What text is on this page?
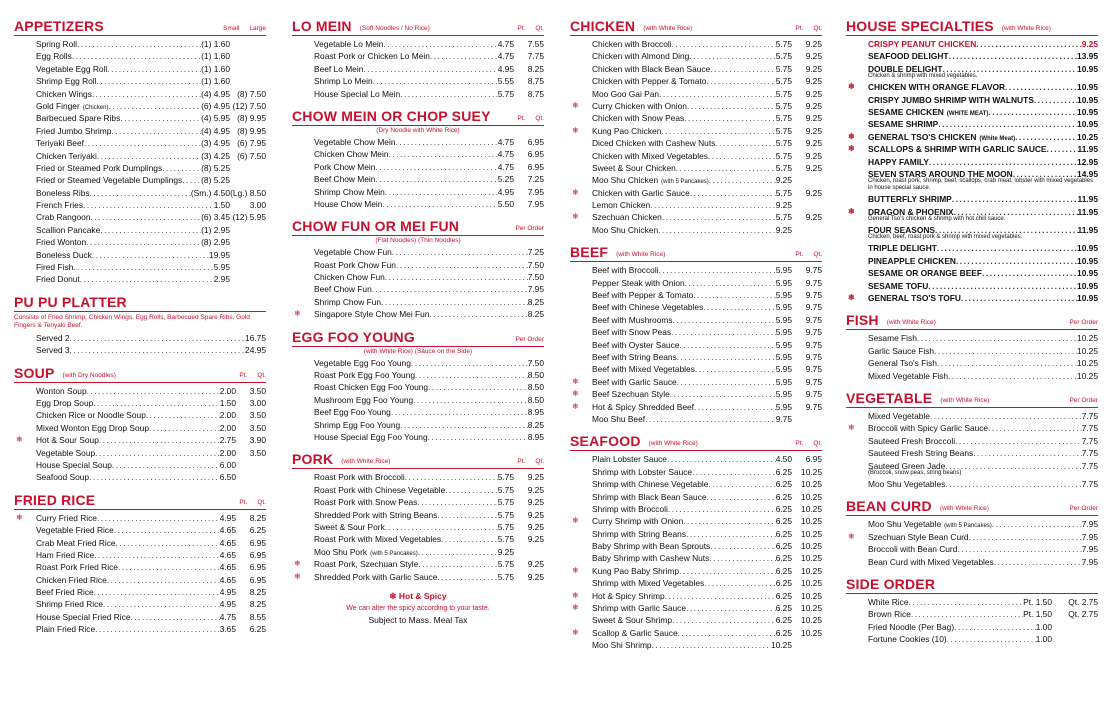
APPETIZERS	Small Large
Spring Roll .....	(1) 1.60
Egg Rolls .....	(1) 1.60
Vegetable Egg Roll .....	(1) 1.60
Shrimp Egg Roll .....	(1) 1.60
Chicken Wings .....	(4) 4.95 (8) 7.50
Gold Finger (Chicken) .....	(6) 4.95 (12) 7.50
Barbecued Spare Ribs .....	(4) 5.95 (8) 9.95
Fried Jumbo Shrimp .....	(4) 4.95 (8) 9.95
Teriyaki Beef .....	(3) 4.95 (6) 7.95
Chicken Teriyaki .....	(3) 4.25 (6) 7.50
Fried or Steamed Pork Dumplings .....	(8) 5.25
Fried or Steamed Vegetable Dumplings ..... (8) 5.25
Boneless Ribs .....	(Sm.) 4.50 (Lg.) 8.50
French Fries .....	1.50	3.00
Crab Rangoon .....	(6) 3.45 (12) 5.95
Scallion Pancake .....	(1) 2.95
Fried Wonton .....	(8) 2.95
Boneless Duck .....	19.95
Fired Fish .....	5.95
Fried Donut .....	2.95
PU PU PLATTER
Consists of Fried Shrimp, Chicken Wings, Egg Rolls, Barbecued Spare Ribs, Gold Fingers & Teriyaki Beef.
Served 2 .....	16.75
Served 3 .....	24.95
SOUP (with Dry Noodles)	Pt. Qt.
Wonton Soup .....	2.00	3.50
Egg Drop Soup .....	1.50	3.00
Chicken Rice or Noodle Soup .....	2.00	3.50
Mixed Wonton Egg Drop Soup .....	2.00	3.50
❄ Hot & Sour Soup .....	2.75	3.90
Vegetable Soup .....	2.00	3.50
House Special Soup .....	6.00
Seafood Soup .....	6.50
FRIED RICE	Pt. Qt.
❄ Curry Fried Rice .....	4.95	8.25
Vegetable Fried Rice .....	4.65	6.25
Crab Meat Fried Rice .....	4.65	6.95
Ham Fried Rice .....	4.65	6.95
Roast Pork Fried Rice .....	4.65	6.95
Chicken Fried Rice .....	4.65	6.95
Beef Fried Rice .....	4.95	8.25
Shrimp Fried Rice .....	4.95	8.25
House Special Fried Rice .....	4.75	8.55
Plain Fried Rice .....	3.65	6.25
LO MEIN (Soft Noodles / No Rice)	Pt. Qt.
Vegetable Lo Mein .....	4.75	7.55
Roast Pork or Chicken Lo Mein .....	4.75	7.75
Beef Lo Mein .....	4.95	8.25
Shrimp Lo Mein .....	5.55	8.75
House Special Lo Mein .....	5.75	8.75
CHOW MEIN OR CHOP SUEY	Pt. Qt.
(Dry Noodle with White Rice)
Vegetable Chow Mein .....	4.75	6.95
Chicken Chow Mein .....	4.75	6.95
Pork Chow Mein .....	4.75	6.95
Beef Chow Mein .....	5.25	7.25
Shrimp Chow Mein .....	4.95	7.95
House Chow Mein .....	5.50	7.95
CHOW FUN OR MEI FUN	Per Order
(Flat Noodles) (Thin Noodles)
Vegetable Chow Fun .....	7.25
Roast Pork Chow Fun .....	7.50
Chicken Chow Fun .....	7.50
Beef Chow Fun .....	7.95
Shrimp Chow Fun .....	8.25
❄ Singapore Style Chow Mei Fun .....	8.25
EGG FOO YOUNG	Per Order
(with White Rice) (Sauce on the Side)
Vegetable Egg Foo Young .....	7.50
Roast Pork Egg Foo Young .....	8.50
Roast Chicken Egg Foo Young .....	8.50
Mushroom Egg Foo Young .....	8.50
Beef Egg Foo Young .....	8.95
Shrimp Egg Foo Young .....	8.25
House Special Egg Foo Young .....	8.95
PORK (with White Rice)	Pt. Qt.
Roast Pork with Broccoli .....	5.75	9.25
Roast Pork with Chinese Vegetable .....	5.75	9.25
Roast Pork with Snow Peas .....	5.75	9.25
Shredded Pork with String Beans .....	5.75	9.25
Sweet & Sour Pork .....	5.75	9.25
Roast Pork with Mixed Vegetables .....	5.75	9.25
Moo Shu Pork (with 5 Pancakes) .....	9.25
❄ Roast Pork, Szechuan Style .....	5.75	9.25
❄ Shredded Pork with Garlic Sauce .....	5.75	9.25
❄ Hot & Spicy
We can alter the spicy according to your taste.
Subject to Mass. Meal Tax
CHICKEN (with White Rice)	Pt. Qt.
Chicken with Broccoli .....	5.75	9.25
Chicken with Almond Ding .....	5.75	9.25
Chicken with Black Bean Sauce .....	5.75	9.25
Chicken with Pepper & Tomato .....	5.75	9.25
Moo Goo Gai Pan .....	5.75	9.25
❄ Curry Chicken with Onion .....	5.75	9.25
Chicken with Snow Peas .....	5.75	9.25
❄ Kung Pao Chicken .....	5.75	9.25
Diced Chicken with Cashew Nuts .....	5.75	9.25
Chicken with Mixed Vegetables .....	5.75	9.25
Sweet & Sour Chicken .....	5.75	9.25
Moo Shu Chicken (with 5 Pancakes) .....	9.25
❄ Chicken with Garlic Sauce .....	5.75	9.25
Lemon Chicken .....	9.25
❄ Szechuan Chicken .....	5.75	9.25
Moo Shu Chicken .....	9.25
BEEF (with White Rice)	Pt. Qt.
Beef with Broccoli .....	5.95	9.75
Pepper Steak with Onion .....	5.95	9.75
Beef with Pepper & Tomato .....	5.95	9.75
Beef with Chinese Vegetables .....	5.95	9.75
Beef with Mushrooms .....	5.95	9.75
Beef with Snow Peas .....	5.95	9.75
Beef with Oyster Sauce .....	5.95	9.75
Beef with String Beans .....	5.95	9.75
Beef with Mixed Vegetables .....	5.95	9.75
❄ Beef with Garlic Sauce .....	5.95	9.75
❄ Beef Szechuan Style .....	5.95	9.75
❄ Hot & Spicy Shredded Beef .....	5.95	9.75
Moo Shu Beef .....	9.75
SEAFOOD (with White Rice)	Pt. Qt.
Plain Lobster Sauce .....	4.50	6.95
Shrimp with Lobster Sauce .....	6.25	10.25
Shrimp with Chinese Vegetable .....	6.25	10.25
Shrimp with Black Bean Sauce .....	6.25	10.25
Shrimp with Broccoli .....	6.25	10.25
❄ Curry Shrimp with Onion .....	6.25	10.25
Shrimp with String Beans .....	6.25	10.25
Baby Shrimp with Bean Sprouts .....	6.25	10.25
Baby Shrimp with Cashew Nuts .....	6.25	10.25
❄ Kung Pao Baby Shrimp .....	6.25	10.25
Shrimp with Mixed Vegetables .....	6.25	10.25
❄ Hot & Spicy Shrimp .....	6.25	10.25
❄ Shrimp with Garlic Sauce .....	6.25	10.25
Sweet & Sour Shrimp .....	6.25	10.25
❄ Scallop & Garlic Sauce .....	6.25	10.25
Moo Shi Shrimp .....	10.25
HOUSE SPECIALTIES (with White Rice)
CRISPY PEANUT CHICKEN .....	9.25
SEAFOOD DELIGHT .....	13.95
DOUBLE DELIGHT .....	10.95
Chicken & shrimp with mixed vegetables.
❄ CHICKEN WITH ORANGE FLAVOR .....	10.95
CRISPY JUMBO SHRIMP WITH WALNUTS .....	10.95
SESAME CHICKEN (WHITE MEAT) .....	10.95
SESAME SHRIMP .....	10.95
❄ GENERAL TSO'S CHICKEN (White Meat) .....	10.25
❄ SCALLOPS & SHRIMP WITH GARLIC SAUCE .....	11.95
HAPPY FAMILY .....	12.95
SEVEN STARS AROUND THE MOON .....	14.95
Chicken, roast pork, shrimp, beef, scallops, crab meat, lobster with mixed vegetables in house special sauce.
BUTTERFLY SHRIMP .....	11.95
❄ DRAGON & PHOENIX .....	11.95
General Tso's chicken & shrimp with hot chili sauce.
FOUR SEASONS .....	11.95
Chicken, beef, roast pork & shrimp with mixed vegetables.
TRIPLE DELIGHT .....	10.95
PINEAPPLE CHICKEN .....	10.95
SESAME OR ORANGE BEEF .....	10.95
SESAME TOFU .....	10.95
❄ GENERAL TSO'S TOFU .....	10.95
FISH (with White Rice)	Per Order
Sesame Fish .....	10.25
Garlic Sauce Fish .....	10.25
General Tso's Fish .....	10.25
Mixed Vegetable Fish .....	10.25
VEGETABLE (with White Rice)	Per Order
Mixed Vegetable .....	7.75
❄ Broccoli with Spicy Garlic Sauce .....	7.75
Sauteed Fresh Broccoli .....	7.75
Sauteed Fresh String Beans .....	7.75
Sauteed Green Jade .....	7.75
(Broccoli, snow peas, string beans)
Moo Shu Vegetables .....	7.75
BEAN CURD (with White Rice)	Per Order
Moo Shu Vegetable (with 5 Pancakes) .....	7.95
❄ Szechuan Style Bean Curd .....	7.95
Broccoli with Bean Curd .....	7.95
Bean Curd with Mixed Vegetables .....	7.95
SIDE ORDER
White Rice .....	Pt. 1.50	Qt. 2.75
Brown Rice .....	Pt. 1.50	Qt. 2.75
Fried Noodle (Per Bag) .....	1.00
Fortune Cookies (10) .....	1.00
